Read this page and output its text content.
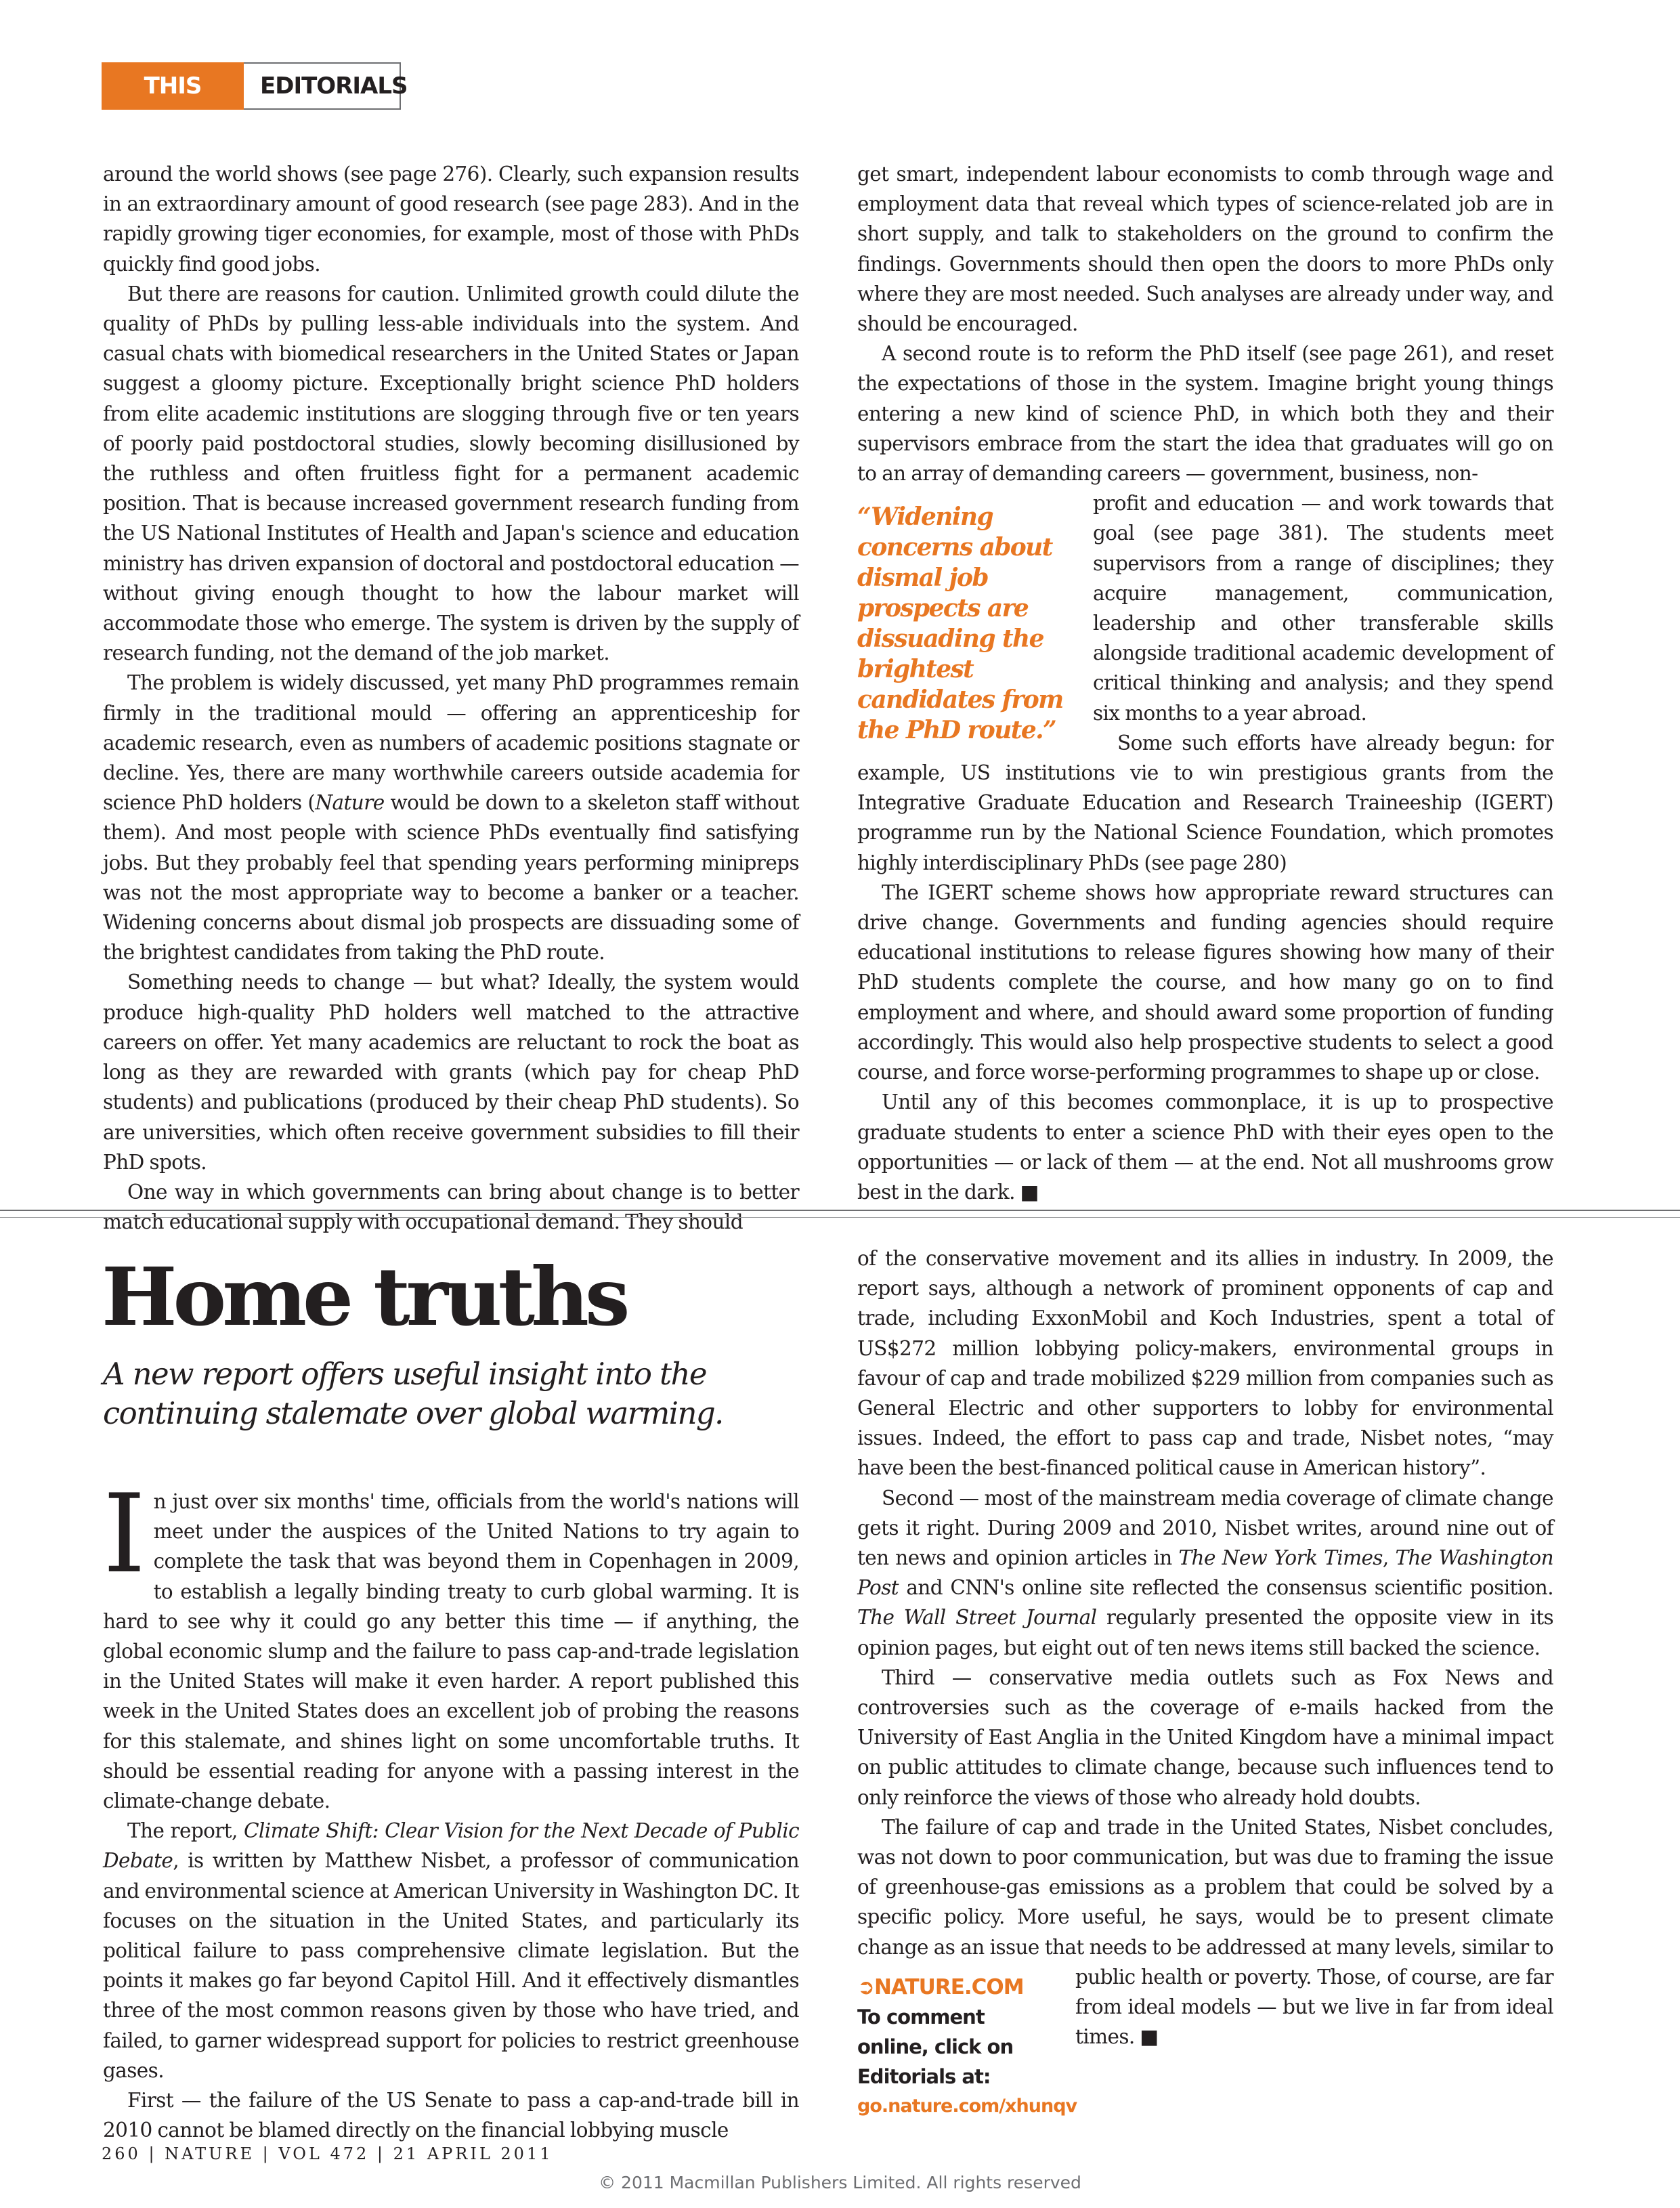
THIS WEEK
EDITORIALS

around the world shows (see page 276). Clearly, such expansion results in an extraordinary amount of good research (see page 283). And in the rapidly growing tiger economies, for example, most of those with PhDs quickly find good jobs.

But there are reasons for caution. Unlimited growth could dilute the quality of PhDs by pulling less-able individuals into the system. And casual chats with biomedical researchers in the United States or Japan suggest a gloomy picture. Exceptionally bright science PhD holders from elite academic institutions are slogging through five or ten years of poorly paid postdoctoral studies, slowly becoming disillusioned by the ruthless and often fruitless fight for a permanent academic position. That is because increased government research funding from the US National Institutes of Health and Japan's science and education ministry has driven expansion of doctoral and postdoctoral education — without giving enough thought to how the labour market will accommodate those who emerge. The system is driven by the supply of research funding, not the demand of the job market.

The problem is widely discussed, yet many PhD programmes remain firmly in the traditional mould — offering an apprenticeship for academic research, even as numbers of academic positions stagnate or decline. Yes, there are many worthwhile careers outside academia for science PhD holders (Nature would be down to a skeleton staff without them). And most people with science PhDs eventually find satisfying jobs. But they probably feel that spending years performing minipreps was not the most appropriate way to become a banker or a teacher. Widening concerns about dismal job prospects are dissuading some of the brightest candidates from taking the PhD route.

Something needs to change — but what? Ideally, the system would produce high-quality PhD holders well matched to the attractive careers on offer. Yet many academics are reluctant to rock the boat as long as they are rewarded with grants (which pay for cheap PhD students) and publications (produced by their cheap PhD students). So are universities, which often receive government subsidies to fill their PhD spots.

One way in which governments can bring about change is to better match educational supply with occupational demand. They should

get smart, independent labour economists to comb through wage and employment data that reveal which types of science-related job are in short supply, and talk to stakeholders on the ground to confirm the findings. Governments should then open the doors to more PhDs only where they are most needed. Such analyses are already under way, and should be encouraged.

A second route is to reform the PhD itself (see page 261), and reset the expectations of those in the system. Imagine bright young things entering a new kind of science PhD, in which both they and their supervisors embrace from the start the idea that graduates will go on to an array of demanding careers — government, business, non-

“Widening concerns about dismal job prospects are dissuading the brightest candidates from the PhD route.”

profit and education — and work towards that goal (see page 381). The students meet supervisors from a range of disciplines; they acquire management, communication, leadership and other transferable skills alongside traditional academic development of critical thinking and analysis; and they spend six months to a year abroad.

Some such efforts have already begun: for example, US institutions vie to win prestigious grants from the Integrative Graduate Education and Research Traineeship (IGERT) programme run by the National Science Foundation, which promotes highly interdisciplinary PhDs (see page 280)

The IGERT scheme shows how appropriate reward structures can drive change. Governments and funding agencies should require educational institutions to release figures showing how many of their PhD students complete the course, and how many go on to find employment and where, and should award some proportion of funding accordingly. This would also help prospective students to select a good course, and force worse-performing programmes to shape up or close.

Until any of this becomes commonplace, it is up to prospective graduate students to enter a science PhD with their eyes open to the opportunities — or lack of them — at the end. Not all mushrooms grow best in the dark. ■

Home truths

A new report offers useful insight into the continuing stalemate over global warming.

In just over six months' time, officials from the world's nations will meet under the auspices of the United Nations to try again to complete the task that was beyond them in Copenhagen in 2009, to establish a legally binding treaty to curb global warming. It is hard to see why it could go any better this time — if anything, the global economic slump and the failure to pass cap-and-trade legislation in the United States will make it even harder. A report published this week in the United States does an excellent job of probing the reasons for this stalemate, and shines light on some uncomfortable truths. It should be essential reading for anyone with a passing interest in the climate-change debate.

The report, Climate Shift: Clear Vision for the Next Decade of Public Debate, is written by Matthew Nisbet, a professor of communication and environmental science at American University in Washington DC. It focuses on the situation in the United States, and particularly its political failure to pass comprehensive climate legislation. But the points it makes go far beyond Capitol Hill. And it effectively dismantles three of the most common reasons given by those who have tried, and failed, to garner widespread support for policies to restrict greenhouse gases.

First — the failure of the US Senate to pass a cap-and-trade bill in 2010 cannot be blamed directly on the financial lobbying muscle

of the conservative movement and its allies in industry. In 2009, the report says, although a network of prominent opponents of cap and trade, including ExxonMobil and Koch Industries, spent a total of US$272 million lobbying policy-makers, environmental groups in favour of cap and trade mobilized $229 million from companies such as General Electric and other supporters to lobby for environmental issues. Indeed, the effort to pass cap and trade, Nisbet notes, “may have been the best-financed political cause in American history”.

Second — most of the mainstream media coverage of climate change gets it right. During 2009 and 2010, Nisbet writes, around nine out of ten news and opinion articles in The New York Times, The Washington Post and CNN's online site reflected the consensus scientific position. The Wall Street Journal regularly presented the opposite view in its opinion pages, but eight out of ten news items still backed the science.

Third — conservative media outlets such as Fox News and controversies such as the coverage of e-mails hacked from the University of East Anglia in the United Kingdom have a minimal impact on public attitudes to climate change, because such influences tend to only reinforce the views of those who already hold doubts.

The failure of cap and trade in the United States, Nisbet concludes, was not down to poor communication, but was due to framing the issue of greenhouse-gas emissions as a problem that could be solved by a specific policy. More useful, he says, would be to present climate change as an issue that needs to be addressed at many levels, similar to public health or poverty. Those, of course, are far from ideal models — but we live in far from ideal times. ■

➲NATURE.COM
To comment online, click on Editorials at:
go.nature.com/xhunqv
260 | NATURE | VOL 472 | 21 APRIL 2011
© 2011 Macmillan Publishers Limited. All rights reserved
